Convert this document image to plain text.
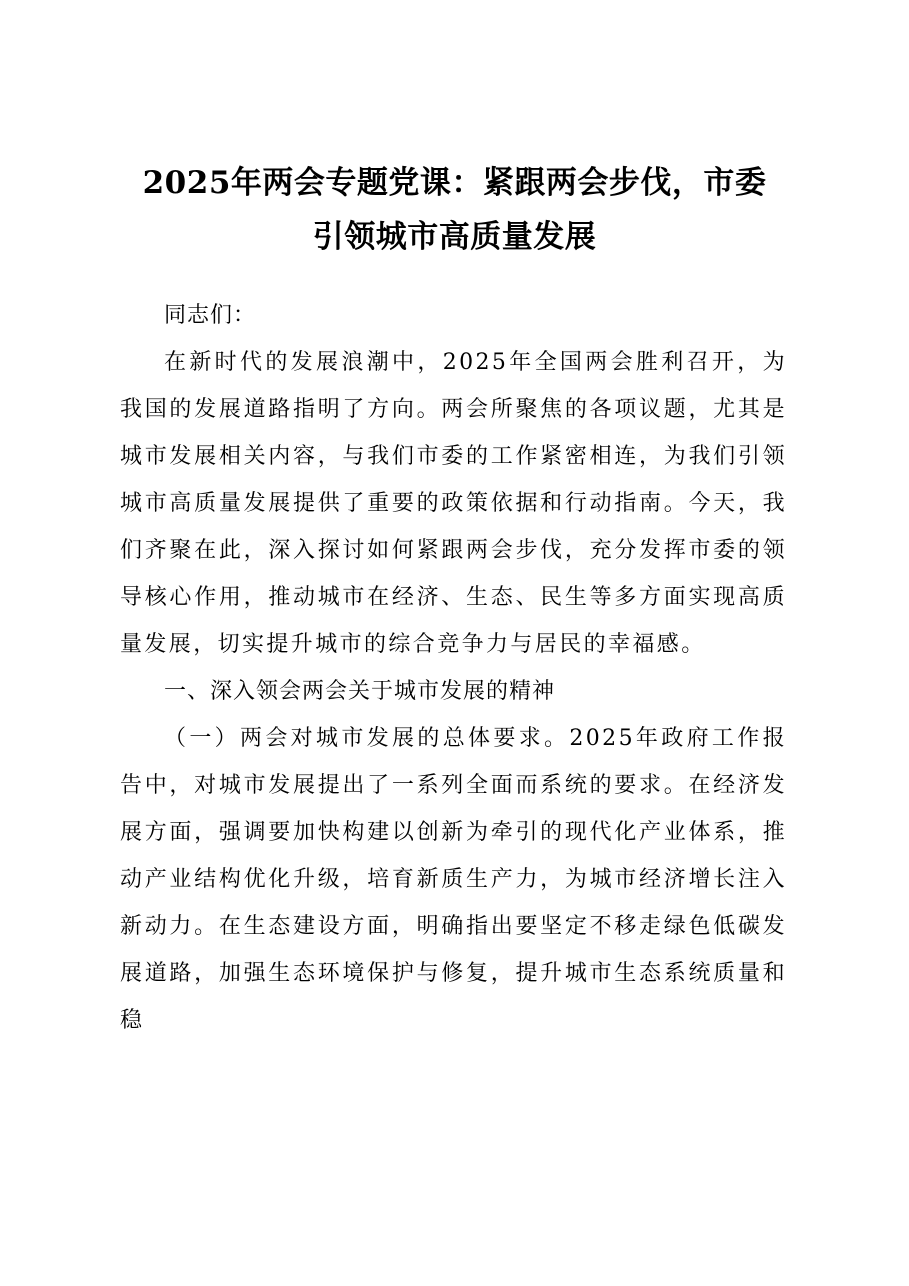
2025年两会专题党课：紧跟两会步伐，市委
引领城市高质量发展

同志们：

在新时代的发展浪潮中，2025年全国两会胜利召开，为我国的发展道路指明了方向。两会所聚焦的各项议题，尤其是城市发展相关内容，与我们市委的工作紧密相连，为我们引领城市高质量发展提供了重要的政策依据和行动指南。今天，我们齐聚在此，深入探讨如何紧跟两会步伐，充分发挥市委的领导核心作用，推动城市在经济、生态、民生等多方面实现高质量发展，切实提升城市的综合竞争力与居民的幸福感。

一、深入领会两会关于城市发展的精神

（一）两会对城市发展的总体要求。2025年政府工作报告中，对城市发展提出了一系列全面而系统的要求。在经济发展方面，强调要加快构建以创新为牵引的现代化产业体系，推动产业结构优化升级，培育新质生产力，为城市经济增长注入新动力。在生态建设方面，明确指出要坚定不移走绿色低碳发展道路，加强生态环境保护与修复，提升城市生态系统质量和稳
